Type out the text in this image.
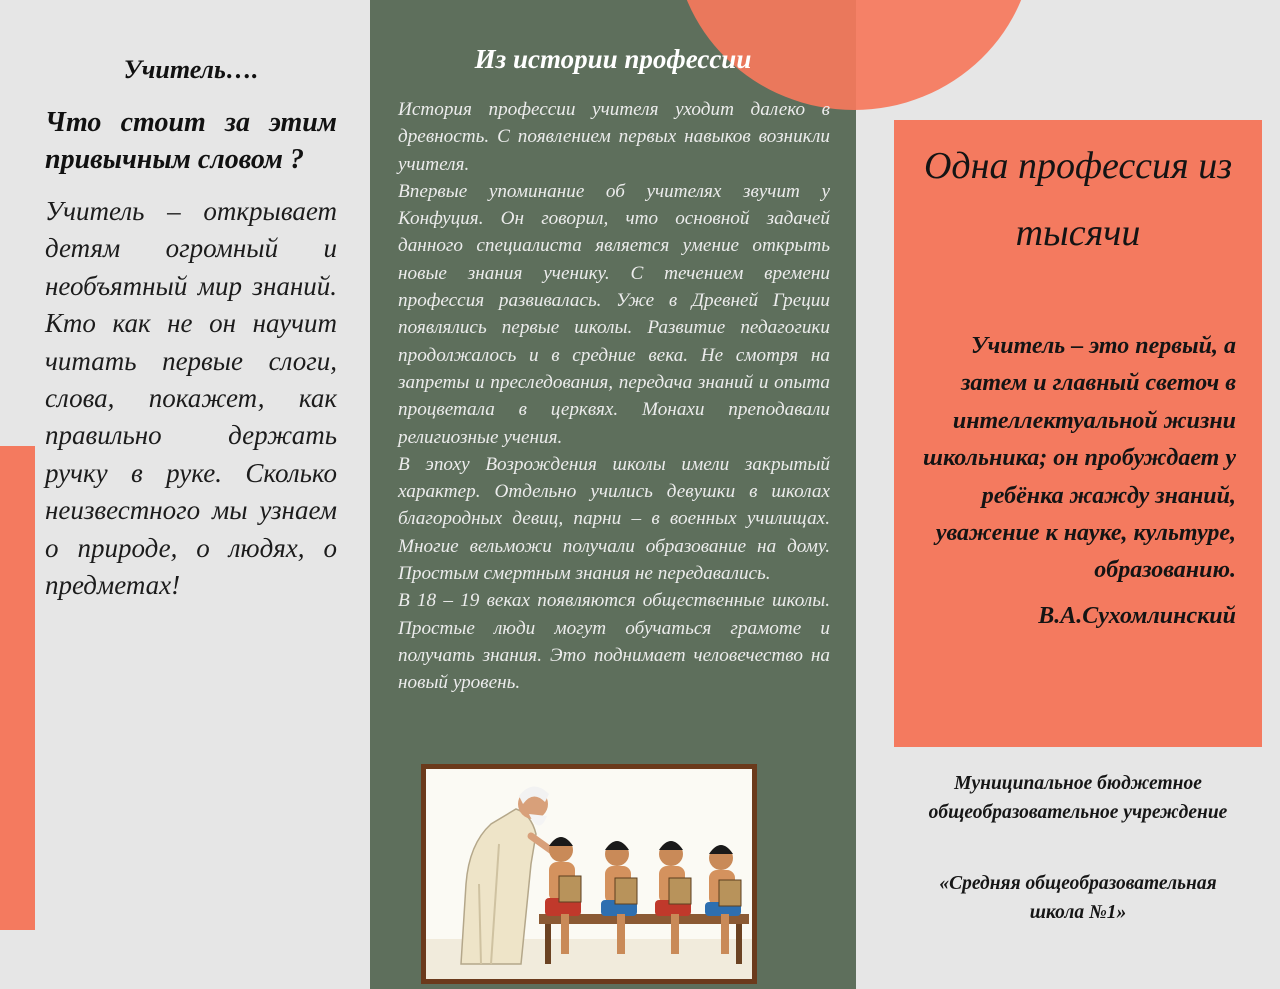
Учитель….
Что стоит за этим привычным словом ?
Учитель – открывает детям огромный и необъятный мир знаний. Кто как не он научит читать первые слоги, слова, покажет, как правильно держать ручку в руке. Сколько неизвестного мы узнаем о природе, о людях, о предметах!
Из истории профессии

История профессии учителя уходит далеко в древность. С появлением первых навыков возникли учителя.

Впервые упоминание об учителях звучит у Конфуция. Он говорил, что основной задачей данного специалиста является умение открыть новые знания ученику. С течением времени профессия развивалась. Уже в Древней Греции появлялись первые школы. Развитие педагогики продолжалось и в средние века. Не смотря на запреты и преследования, передача знаний и опыта процветала в церквях. Монахи преподавали религиозные учения.

В эпоху Возрождения школы имели закрытый характер. Отдельно учились девушки в школах благородных девиц, парни – в военных училищах. Многие вельможи получали образование на дому. Простым смертным знания не передавались.

В 18 – 19 веках появляются общественные школы. Простые люди могут обучаться грамоте и получать знания. Это поднимает человечество на новый уровень.

Одна профессия из тысячи
Учитель – это первый, а затем и главный светоч в интеллектуальной жизни школьника; он пробуждает у ребёнка жажду знаний, уважение к науке, культуре, образованию.
В.А.Сухомлинский
Муниципальное бюджетное общеобразовательное учреждение
«Средняя общеобразовательная школа №1»
